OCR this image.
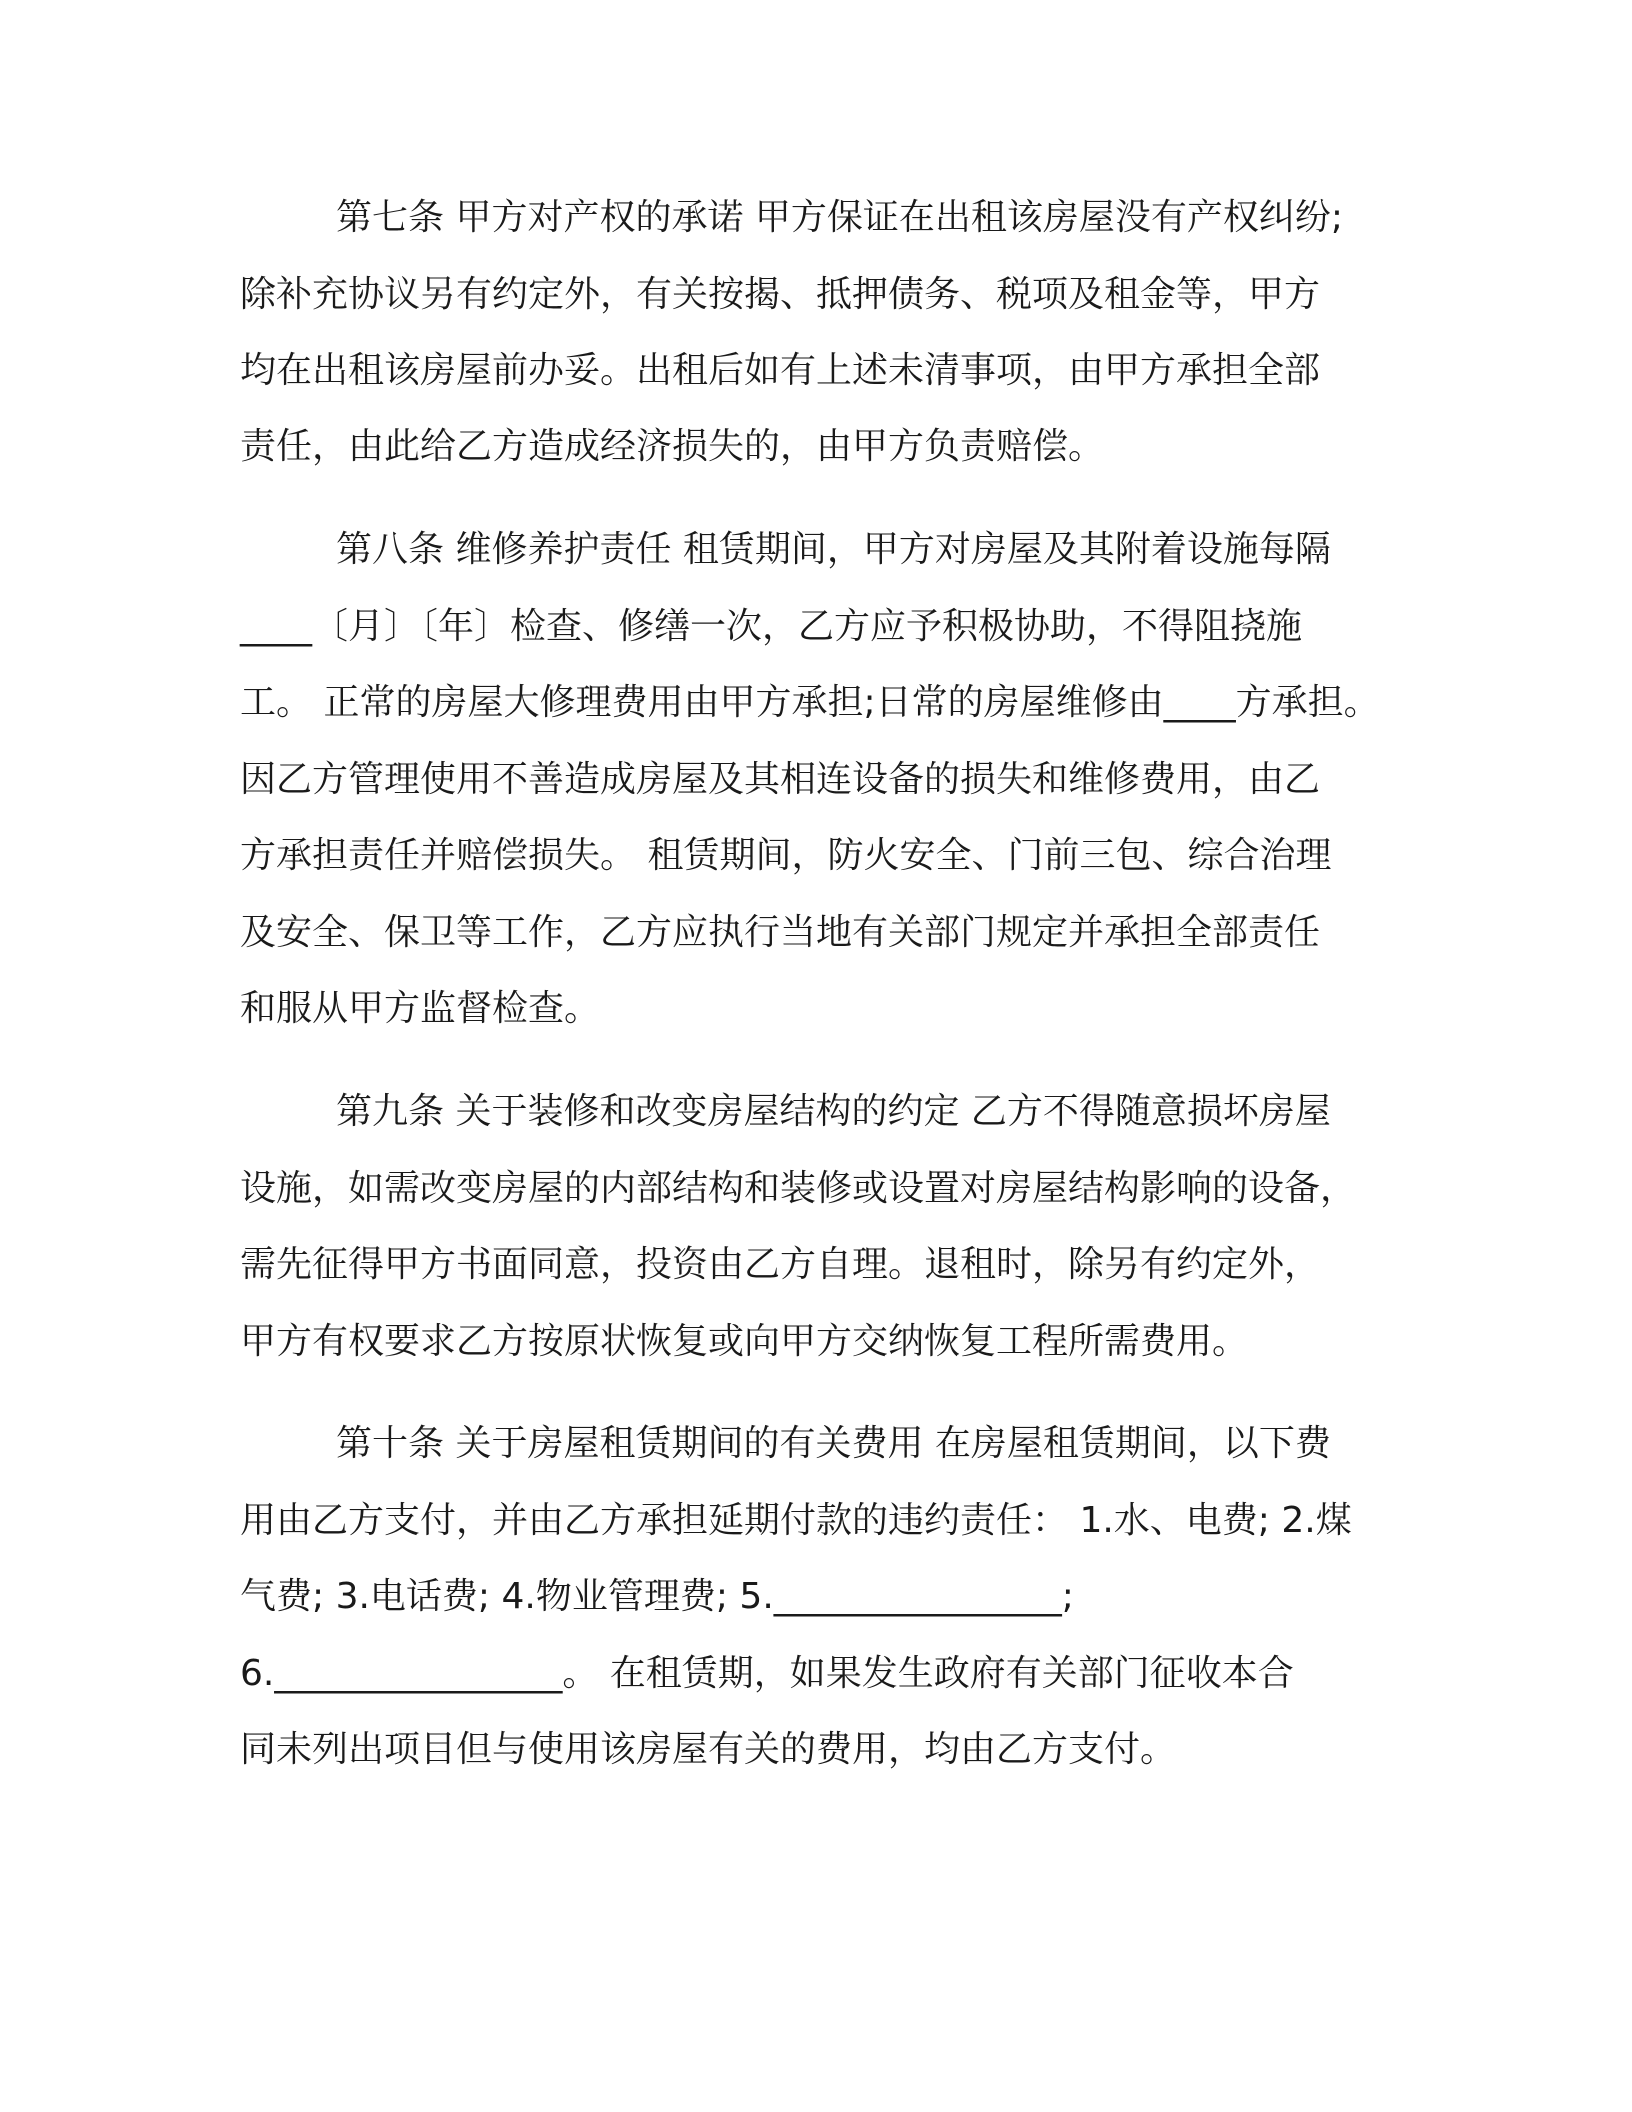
第七条 甲方对产权的承诺 甲方保证在出租该房屋没有产权纠纷;
除补充协议另有约定外，有关按揭、抵押债务、税项及租金等，甲方
均在出租该房屋前办妥。出租后如有上述未清事项，由甲方承担全部
责任，由此给乙方造成经济损失的，由甲方负责赔偿。
第八条 维修养护责任 租赁期间，甲方对房屋及其附着设施每隔
____〔月〕〔年〕检查、修缮一次，乙方应予积极协助，不得阻挠施
工。 正常的房屋大修理费用由甲方承担;日常的房屋维修由____方承担。
因乙方管理使用不善造成房屋及其相连设备的损失和维修费用，由乙
方承担责任并赔偿损失。 租赁期间，防火安全、门前三包、综合治理
及安全、保卫等工作，乙方应执行当地有关部门规定并承担全部责任
和服从甲方监督检查。
第九条 关于装修和改变房屋结构的约定 乙方不得随意损坏房屋
设施，如需改变房屋的内部结构和装修或设置对房屋结构影响的设备，
需先征得甲方书面同意，投资由乙方自理。退租时，除另有约定外，
甲方有权要求乙方按原状恢复或向甲方交纳恢复工程所需费用。
第十条 关于房屋租赁期间的有关费用 在房屋租赁期间，以下费
用由乙方支付，并由乙方承担延期付款的违约责任： 1.水、电费; 2.煤
气费; 3.电话费; 4.物业管理费; 5.________________;
6.________________。 在租赁期，如果发生政府有关部门征收本合
同未列出项目但与使用该房屋有关的费用，均由乙方支付。
